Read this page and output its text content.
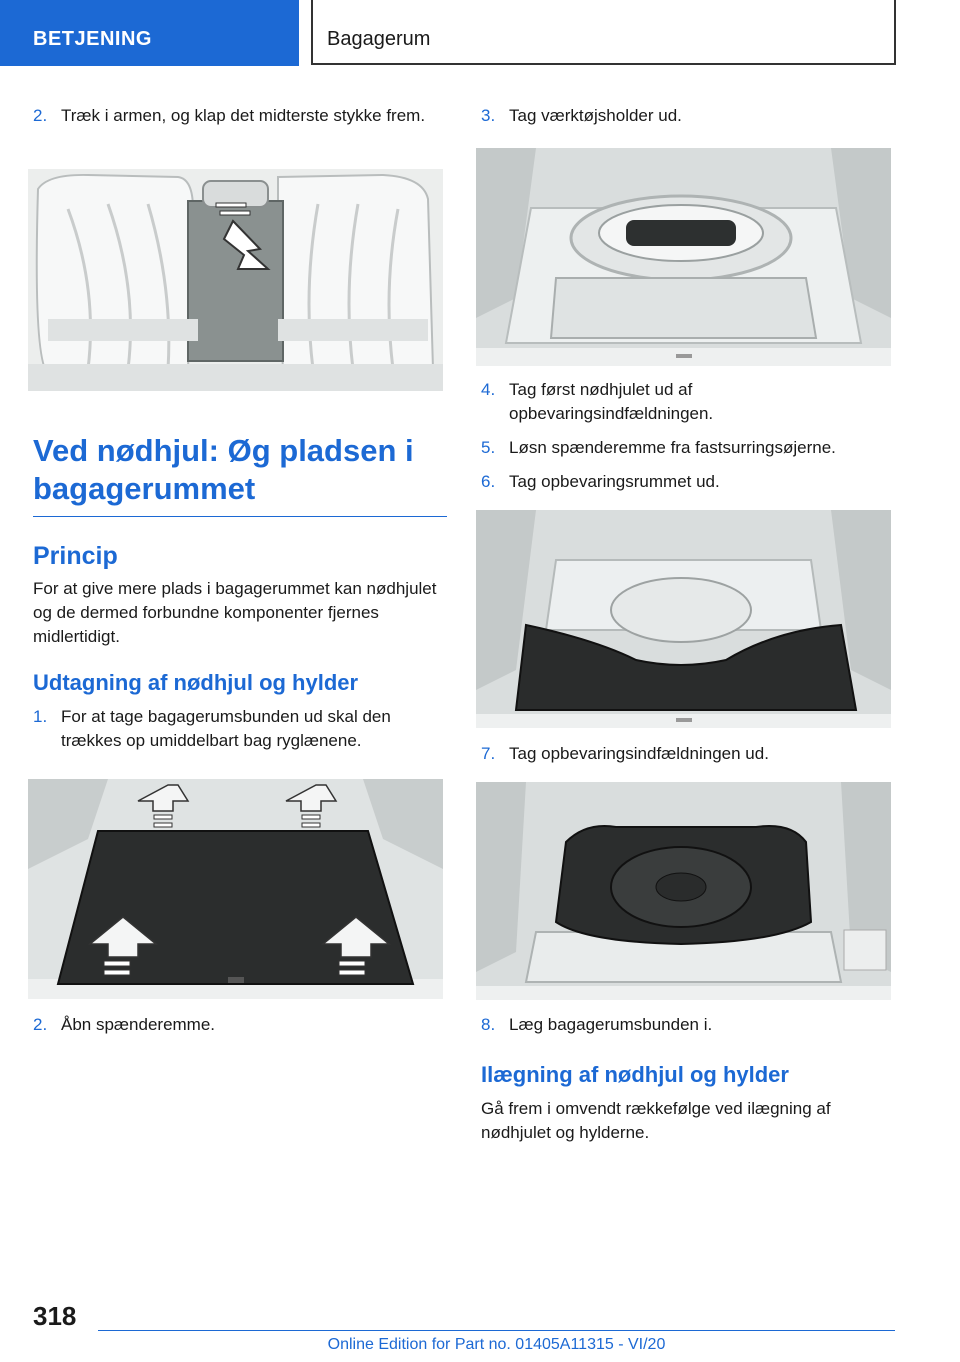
BETJENING	Bagagerum
2. Træk i armen, og klap det midterste stykke frem.
Ved nødhjul: Øg pladsen i bagagerummet
Princip
For at give mere plads i bagagerummet kan nødhjulet og de dermed forbundne komponenter fjernes midlertidigt.
Udtagning af nødhjul og hylder
1. For at tage bagagerumsbunden ud skal den trækkes op umiddelbart bag ryglænene.
2. Åbn spænderemme.
3. Tag værktøjsholder ud.
4. Tag først nødhjulet ud af opbevaringsindfældningen.
5. Løsn spænderemme fra fastsurringsøjerne.
6. Tag opbevaringsrummet ud.
7. Tag opbevaringsindfældningen ud.
8. Læg bagagerumsbunden i.
Ilægning af nødhjul og hylder
Gå frem i omvendt rækkefølge ved ilægning af nødhjulet og hylderne.
318
Online Edition for Part no. 01405A11315 - VI/20
